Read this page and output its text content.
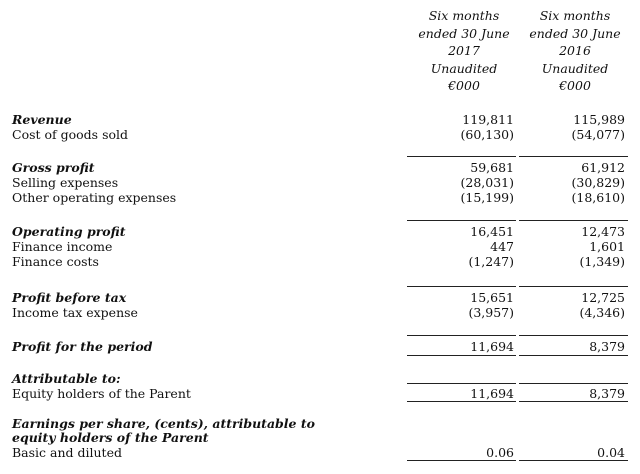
Six months
ended 30 June
2017
Unaudited
€000
Six months
ended 30 June
2016
Unaudited
€000
Revenue	119,811	115,989
Cost of goods sold	(60,130)	(54,077)
Gross profit	59,681	61,912
Selling expenses	(28,031)	(30,829)
Other operating expenses	(15,199)	(18,610)
Operating profit	16,451	12,473
Finance income	447	1,601
Finance costs	(1,247)	(1,349)
Profit before tax	15,651	12,725
Income tax expense	(3,957)	(4,346)
Profit for the period	11,694	8,379
Attributable to:
Equity holders of the Parent	11,694	8,379
Earnings per share, (cents), attributable to
equity holders of the Parent
Basic and diluted	0.06	0.04
